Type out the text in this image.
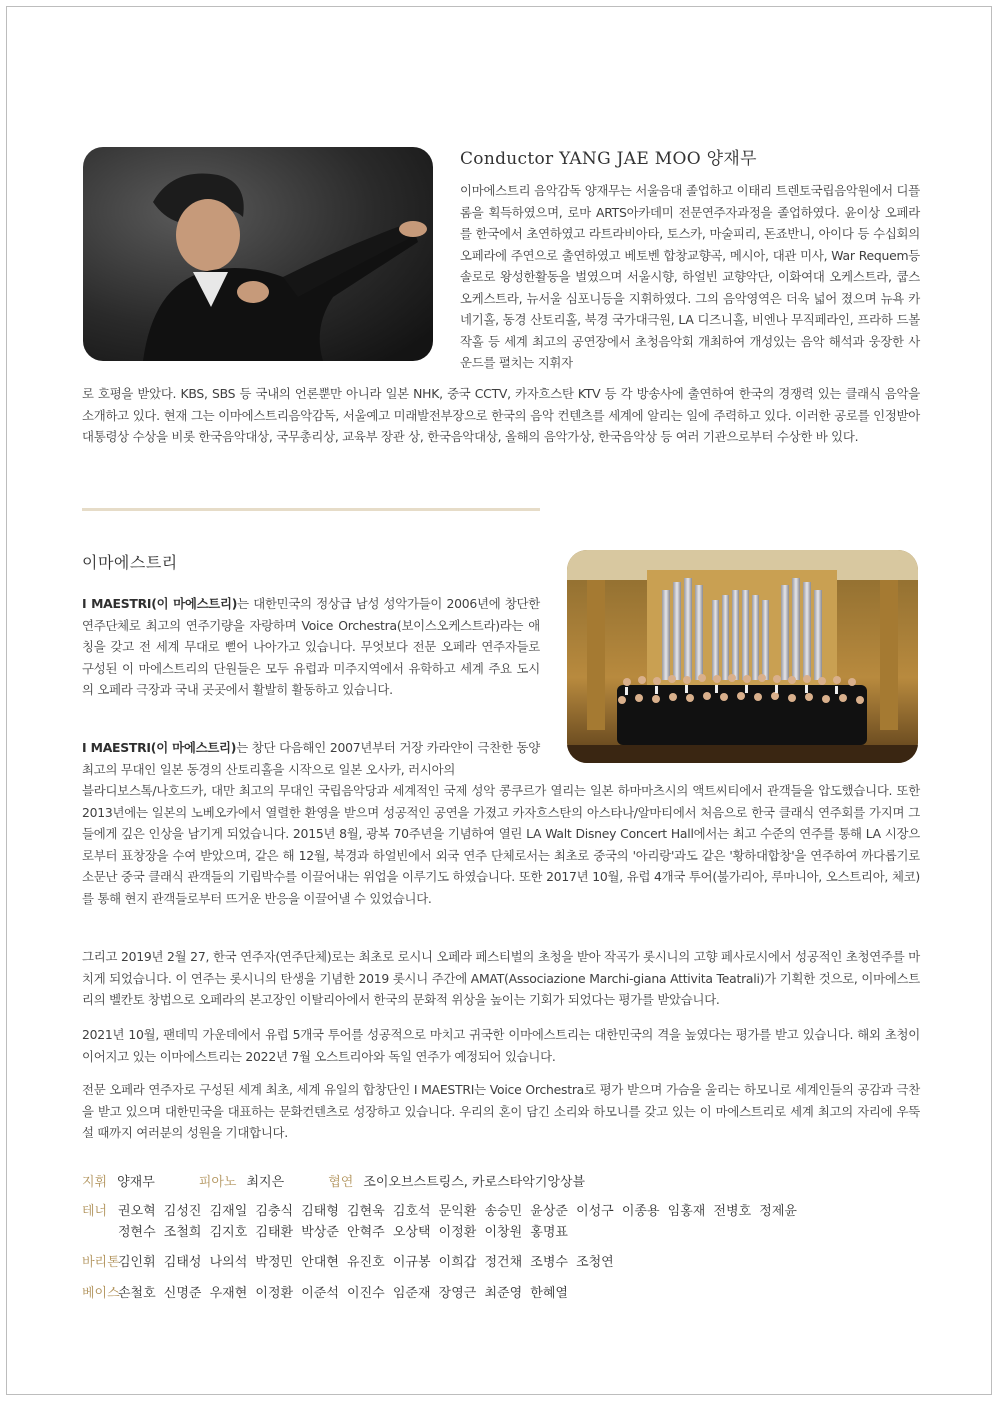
Conductor YANG JAE MOO 양재무
이마에스트리 음악감독 양재무는 서울음대 졸업하고 이태리 트렌토국립음악원에서 디플롬을 획득하였으며, 로마 ARTS아카데미 전문연주자과정을 졸업하였다. 윤이상 오페라를 한국에서 초연하였고 라트라비아타, 토스카, 마술피리, 돈죠반니, 아이다 등 수십회의 오페라에 주연으로 출연하였고 베토벤 합창교향곡, 메시아, 대관 미사, War Requem등 솔로로 왕성한활동을 벌였으며 서울시향, 하얼빈 교향악단, 이화여대 오케스트라, 쿱스오케스트라, 뉴서울 심포니등을 지휘하였다. 그의 음악영역은 더욱 넓어 졌으며 뉴욕 카네기홀, 동경 산토리홀, 북경 국가대극원, LA 디즈니홀, 비엔나 무직페라인, 프라하 드볼작홀 등 세계 최고의 공연장에서 초청음악회 개최하여 개성있는 음악 해석과 웅장한 사운드를 펼치는 지휘자
로 호평을 받았다. KBS, SBS 등 국내의 언론뿐만 아니라 일본 NHK, 중국 CCTV, 카자흐스탄 KTV 등 각 방송사에 출연하여 한국의 경쟁력 있는 클래식 음악을 소개하고 있다. 현재 그는 이마에스트리음악감독, 서울예고 미래발전부장으로 한국의 음악 컨텐츠를 세계에 알리는 일에 주력하고 있다. 이러한 공로를 인정받아 대통령상 수상을 비롯 한국음악대상, 국무총리상, 교육부 장관 상, 한국음악대상, 올해의 음악가상, 한국음악상 등 여러 기관으로부터 수상한 바 있다.
이마에스트리
I MAESTRI(이 마에스트리)는 대한민국의 정상급 남성 성악가들이 2006년에 창단한 연주단체로 최고의 연주기량을 자랑하며 Voice Orchestra(보이스오케스트라)라는 애칭을 갖고 전 세계 무대로 뻗어 나아가고 있습니다. 무엇보다 전문 오페라 연주자들로 구성된 이 마에스트리의 단원들은 모두 유럽과 미주지역에서 유학하고 세계 주요 도시의 오페라 극장과 국내 곳곳에서 활발히 활동하고 있습니다.
I MAESTRI(이 마에스트리)는 창단 다음해인 2007년부터 거장 카라얀이 극찬한 동양 최고의 무대인 일본 동경의 산토리홀을 시작으로 일본 오사카, 러시아의
블라디보스톡/나호드카, 대만 최고의 무대인 국립음악당과 세계적인 국제 성악 콩쿠르가 열리는 일본 하마마츠시의 액트씨티에서 관객들을 압도했습니다. 또한 2013년에는 일본의 노베오카에서 열렬한 환영을 받으며 성공적인 공연을 가졌고 카자흐스탄의 아스타나/알마티에서 처음으로 한국 클래식 연주회를 가지며 그들에게 깊은 인상을 남기게 되었습니다. 2015년 8월, 광복 70주년을 기념하여 열린 LA Walt Disney Concert Hall에서는 최고 수준의 연주를 통해 LA 시장으로부터 표창장을 수여 받았으며, 같은 해 12월, 북경과 하얼빈에서 외국 연주 단체로서는 최초로 중국의 '아리랑'과도 같은 '황하대합창'을 연주하여 까다롭기로 소문난 중국 클래식 관객들의 기립박수를 이끌어내는 위업을 이루기도 하였습니다. 또한 2017년 10월, 유럽 4개국 투어(불가리아, 루마니아, 오스트리아, 체코)를 통해 현지 관객들로부터 뜨거운 반응을 이끌어낼 수 있었습니다.
그리고 2019년 2월 27, 한국 연주자(연주단체)로는 최초로 로시니 오페라 페스티벌의 초청을 받아 작곡가 롯시니의 고향 페사로시에서 성공적인 초청연주를 마치게 되었습니다. 이 연주는 롯시니의 탄생을 기념한 2019 롯시니 주간에 AMAT(Associazione Marchi-giana Attivita Teatrali)가 기획한 것으로, 이마에스트리의 벨칸토 창법으로 오페라의 본고장인 이탈리아에서 한국의 문화적 위상을 높이는 기회가 되었다는 평가를 받았습니다.
2021년 10월, 팬데믹 가운데에서 유럽 5개국 투어를 성공적으로 마치고 귀국한 이마에스트리는 대한민국의 격을 높였다는 평가를 받고 있습니다. 해외 초청이 이어지고 있는 이마에스트리는 2022년 7월 오스트리아와 독일 연주가 예정되어 있습니다.
전문 오페라 연주자로 구성된 세계 최초, 세계 유일의 합창단인 I MAESTRI는 Voice Orchestra로 평가 받으며 가슴을 울리는 하모니로 세계인들의 공감과 극찬을 받고 있으며 대한민국을 대표하는 문화컨텐츠로 성장하고 있습니다. 우리의 혼이 담긴 소리와 하모니를 갖고 있는 이 마에스트리로 세계 최고의 자리에 우뚝 설 때까지 여러분의 성원을 기대합니다.
지휘 양재무	피아노 최지은	협연 조이오브스트링스, 카로스타악기앙상블
테너 권오혁 김성진 김재일 김충식 김태형 김현욱 김호석 문익환 송승민 윤상준 이성구 이종용 임홍재 전병호 정제윤
정현수 조철희 김지호 김태환 박상준 안혁주 오상택 이정환 이창원 홍명표
바리톤
김인휘 김태성 나의석 박정민 안대현 유진호 이규봉 이희갑 정건채 조병수 조청연
베이스
손철호 신명준 우재현 이정환 이준석 이진수 임준재 장영근 최준영 한혜열
